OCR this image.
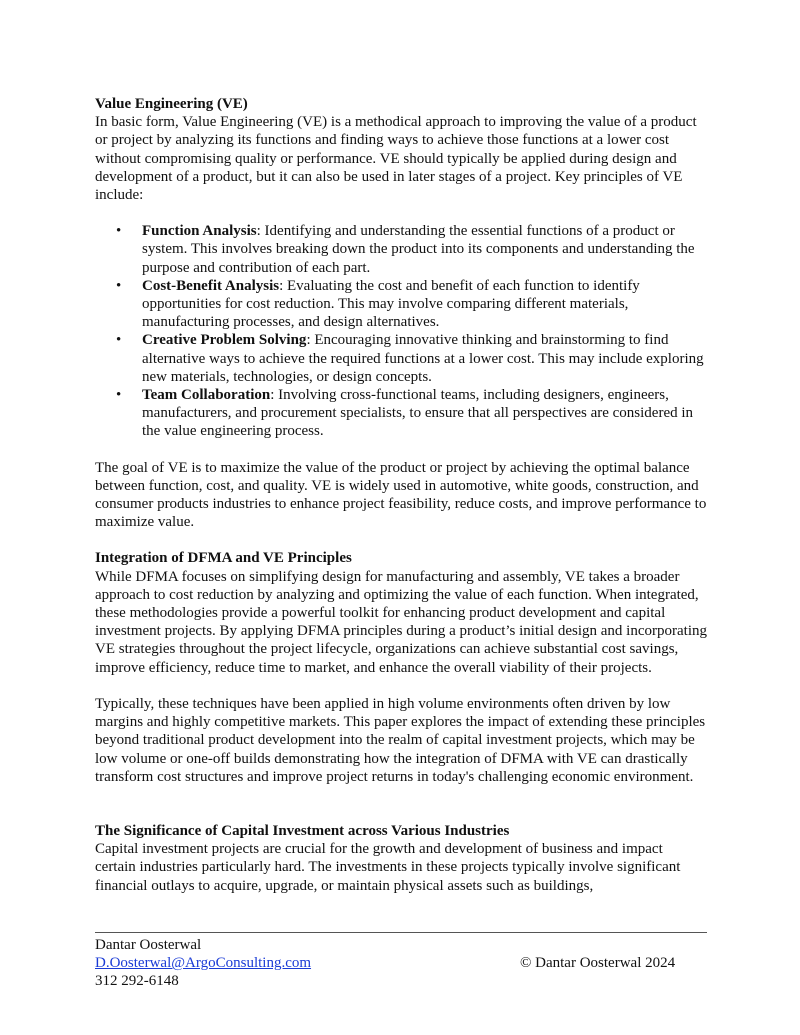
Value Engineering (VE)

In basic form, Value Engineering (VE) is a methodical approach to improving the value of a product or project by analyzing its functions and finding ways to achieve those functions at a lower cost without compromising quality or performance. VE should typically be applied during design and development of a product, but it can also be used in later stages of a project. Key principles of VE include:

• Function Analysis: Identifying and understanding the essential functions of a product or system. This involves breaking down the product into its components and understanding the purpose and contribution of each part.
• Cost-Benefit Analysis: Evaluating the cost and benefit of each function to identify opportunities for cost reduction. This may involve comparing different materials, manufacturing processes, and design alternatives.
• Creative Problem Solving: Encouraging innovative thinking and brainstorming to find alternative ways to achieve the required functions at a lower cost. This may include exploring new materials, technologies, or design concepts.
• Team Collaboration: Involving cross-functional teams, including designers, engineers, manufacturers, and procurement specialists, to ensure that all perspectives are considered in the value engineering process.

The goal of VE is to maximize the value of the product or project by achieving the optimal balance between function, cost, and quality. VE is widely used in automotive, white goods, construction, and consumer products industries to enhance project feasibility, reduce costs, and improve performance to maximize value.

Integration of DFMA and VE Principles

While DFMA focuses on simplifying design for manufacturing and assembly, VE takes a broader approach to cost reduction by analyzing and optimizing the value of each function. When integrated, these methodologies provide a powerful toolkit for enhancing product development and capital investment projects. By applying DFMA principles during a product’s initial design and incorporating VE strategies throughout the project lifecycle, organizations can achieve substantial cost savings, improve efficiency, reduce time to market, and enhance the overall viability of their projects.

Typically, these techniques have been applied in high volume environments often driven by low margins and highly competitive markets. This paper explores the impact of extending these principles beyond traditional product development into the realm of capital investment projects, which may be low volume or one-off builds demonstrating how the integration of DFMA with VE can drastically transform cost structures and improve project returns in today's challenging economic environment.

The Significance of Capital Investment across Various Industries

Capital investment projects are crucial for the growth and development of business and impact certain industries particularly hard. The investments in these projects typically involve significant financial outlays to acquire, upgrade, or maintain physical assets such as buildings,

Dantar Oosterwal
D.Oosterwal@ArgoConsulting.com	© Dantar Oosterwal 2024
312 292-6148
